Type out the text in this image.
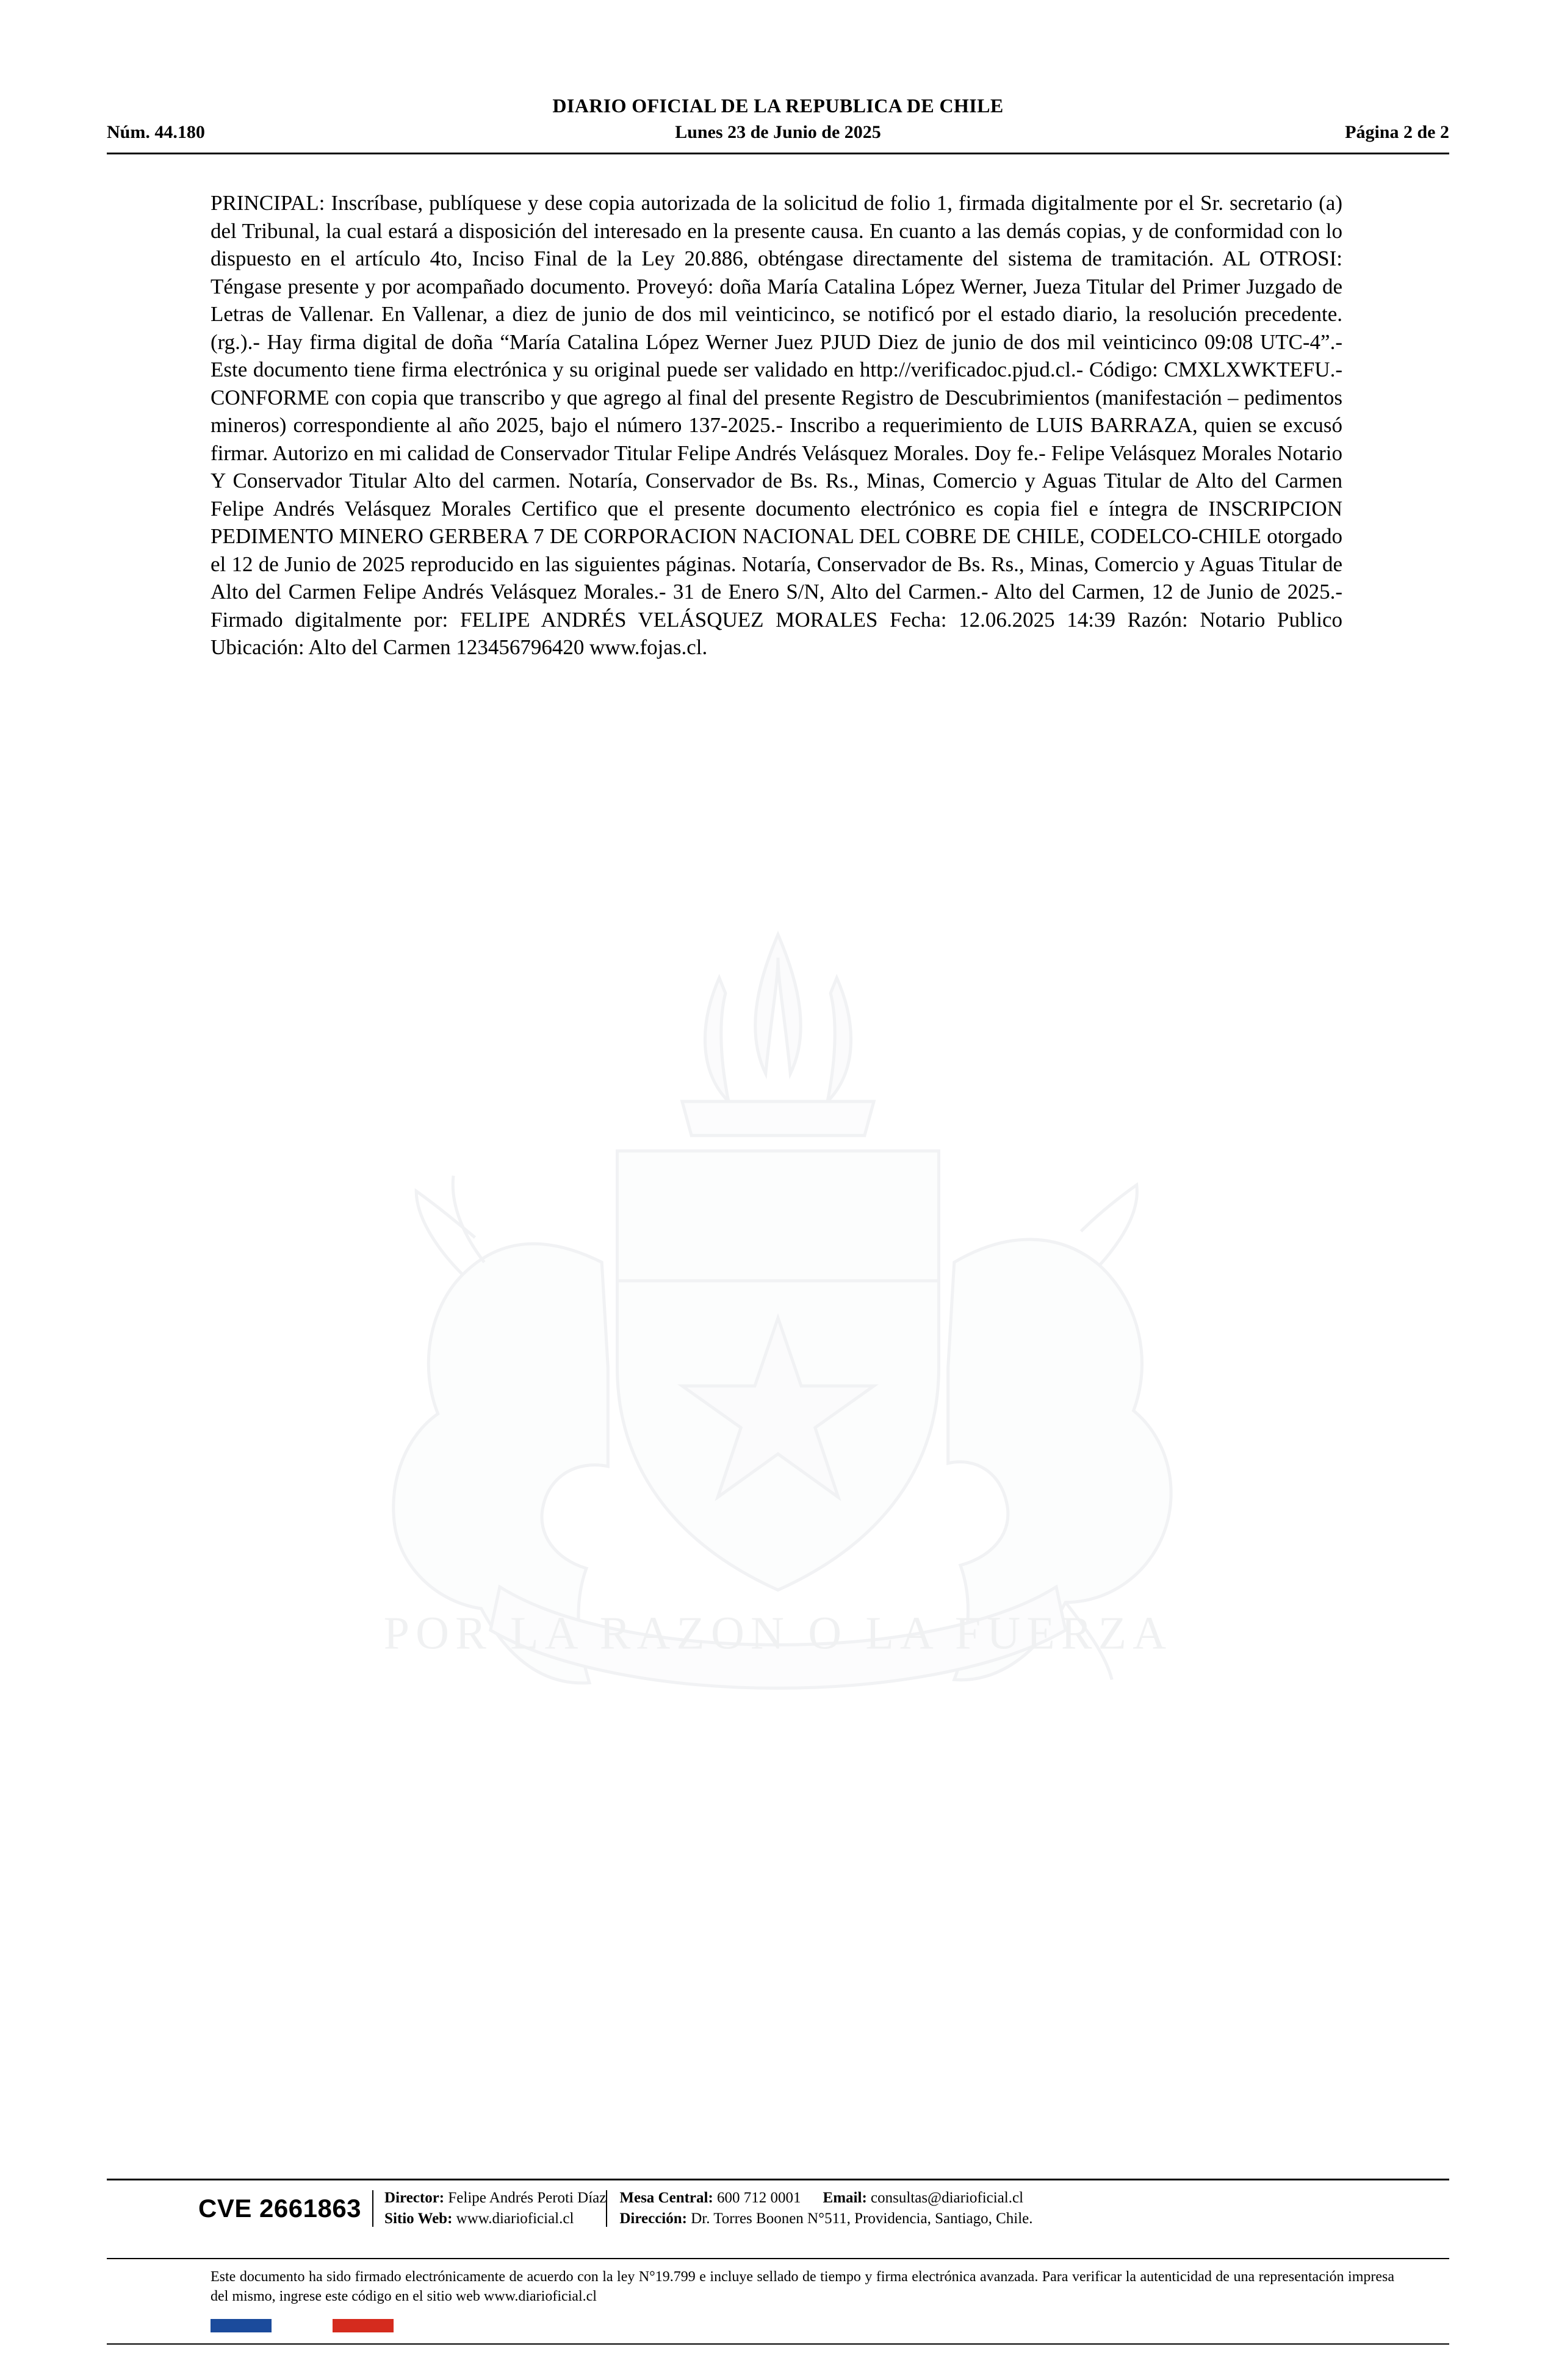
DIARIO OFICIAL DE LA REPUBLICA DE CHILE
Núm. 44.180	Lunes 23 de Junio de 2025	Página 2 de 2
PRINCIPAL: Inscríbase, publíquese y dese copia autorizada de la solicitud de folio 1, firmada digitalmente por el Sr. secretario (a) del Tribunal, la cual estará a disposición del interesado en la presente causa. En cuanto a las demás copias, y de conformidad con lo dispuesto en el artículo 4to, Inciso Final de la Ley 20.886, obténgase directamente del sistema de tramitación. AL OTROSI: Téngase presente y por acompañado documento. Proveyó: doña María Catalina López Werner, Jueza Titular del Primer Juzgado de Letras de Vallenar. En Vallenar, a diez de junio de dos mil veinticinco, se notificó por el estado diario, la resolución precedente.(rg.).- Hay firma digital de doña “María Catalina López Werner Juez PJUD Diez de junio de dos mil veinticinco 09:08 UTC-4”.- Este documento tiene firma electrónica y su original puede ser validado en http://verificadoc.pjud.cl.- Código: CMXLXWKTEFU.- CONFORME con copia que transcribo y que agrego al final del presente Registro de Descubrimientos (manifestación – pedimentos mineros) correspondiente al año 2025, bajo el número 137-2025.- Inscribo a requerimiento de LUIS BARRAZA, quien se excusó firmar. Autorizo en mi calidad de Conservador Titular Felipe Andrés Velásquez Morales. Doy fe.- Felipe Velásquez Morales Notario Y Conservador Titular Alto del carmen. Notaría, Conservador de Bs. Rs., Minas, Comercio y Aguas Titular de Alto del Carmen Felipe Andrés Velásquez Morales Certifico que el presente documento electrónico es copia fiel e íntegra de INSCRIPCION PEDIMENTO MINERO GERBERA 7 DE CORPORACION NACIONAL DEL COBRE DE CHILE, CODELCO-CHILE otorgado el 12 de Junio de 2025 reproducido en las siguientes páginas. Notaría, Conservador de Bs. Rs., Minas, Comercio y Aguas Titular de Alto del Carmen Felipe Andrés Velásquez Morales.- 31 de Enero S/N, Alto del Carmen.- Alto del Carmen, 12 de Junio de 2025.- Firmado digitalmente por: FELIPE ANDRÉS VELÁSQUEZ MORALES Fecha: 12.06.2025 14:39 Razón: Notario Publico Ubicación: Alto del Carmen 123456796420 www.fojas.cl.
POR LA RAZON O LA FUERZA
CVE 2661863	Director: Felipe Andrés Peroti Díaz
Sitio Web: www.diarioficial.cl
Mesa Central: 600 712 0001 Email: consultas@diarioficial.cl
Dirección: Dr. Torres Boonen N°511, Providencia, Santiago, Chile.
Este documento ha sido firmado electrónicamente de acuerdo con la ley N°19.799 e incluye sellado de tiempo y firma electrónica avanzada. Para verificar la autenticidad de una representación impresa del mismo, ingrese este código en el sitio web www.diarioficial.cl
